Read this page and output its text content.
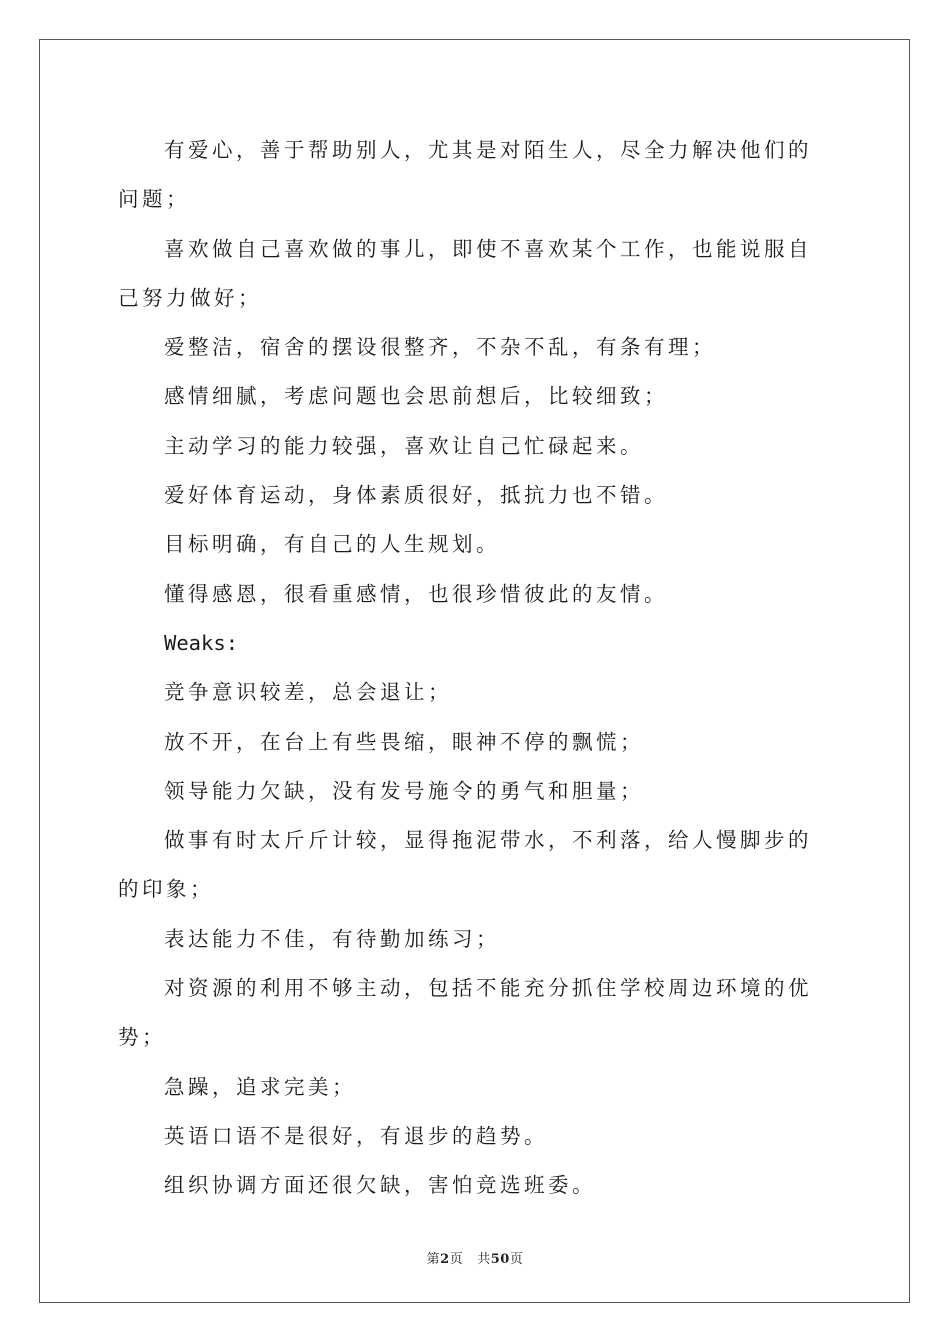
有爱心，善于帮助别人，尤其是对陌生人，尽全力解决他们的问题；

喜欢做自己喜欢做的事儿，即使不喜欢某个工作，也能说服自己努力做好；

爱整洁，宿舍的摆设很整齐，不杂不乱，有条有理；

感情细腻，考虑问题也会思前想后，比较细致；

主动学习的能力较强，喜欢让自己忙碌起来。

爱好体育运动，身体素质很好，抵抗力也不错。

目标明确，有自己的人生规划。

懂得感恩，很看重感情，也很珍惜彼此的友情。

Weaks:

竞争意识较差，总会退让；

放不开，在台上有些畏缩，眼神不停的飘慌；

领导能力欠缺，没有发号施令的勇气和胆量；

做事有时太斤斤计较，显得拖泥带水，不利落，给人慢脚步的的印象；

表达能力不佳，有待勤加练习；

对资源的利用不够主动，包括不能充分抓住学校周边环境的优势；

急躁，追求完美；

英语口语不是很好，有退步的趋势。

组织协调方面还很欠缺，害怕竞选班委。

第2页 共50页
